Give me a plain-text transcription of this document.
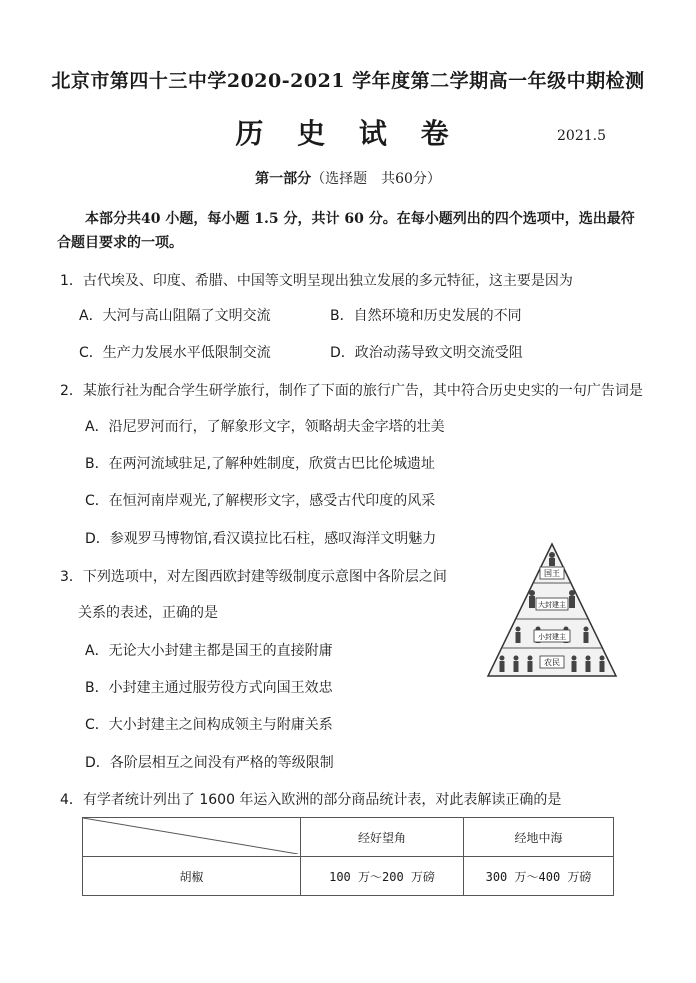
北京市第四十三中学2020-2021 学年度第二学期高一年级中期检测
历 史 试 卷	2021.5
第一部分（选择题　共60分）
本部分共40 小题，每小题 1.5 分，共计 60 分。在每小题列出的四个选项中，选出最符合题目要求的一项。
1．古代埃及、印度、希腊、中国等文明呈现出独立发展的多元特征，这主要是因为
A．大河与高山阻隔了文明交流	B．自然环境和历史发展的不同
C．生产力发展水平低限制交流	D．政治动荡导致文明交流受阻
2．某旅行社为配合学生研学旅行，制作了下面的旅行广告，其中符合历史史实的一句广告词是
A．沿尼罗河而行，了解象形文字，领略胡夫金字塔的壮美
B．在两河流域驻足,了解种姓制度，欣赏古巴比伦城遗址
C．在恒河南岸观光,了解楔形文字，感受古代印度的风采
D．参观罗马博物馆,看汉谟拉比石柱，感叹海洋文明魅力
3．下列选项中，对左图西欧封建等级制度示意图中各阶层之间
关系的表述，正确的是
A．无论大小封建主都是国王的直接附庸
B．小封建主通过服劳役方式向国王效忠
C．大小封建主之间构成领主与附庸关系
D．各阶层相互之间没有严格的等级限制
国王
大封建主
小封建主
农民
4．有学者统计列出了 1600 年运入欧洲的部分商品统计表，对此表解读正确的是
	经好望角	经地中海
胡椒	100 万～200 万磅	300 万～400 万磅
